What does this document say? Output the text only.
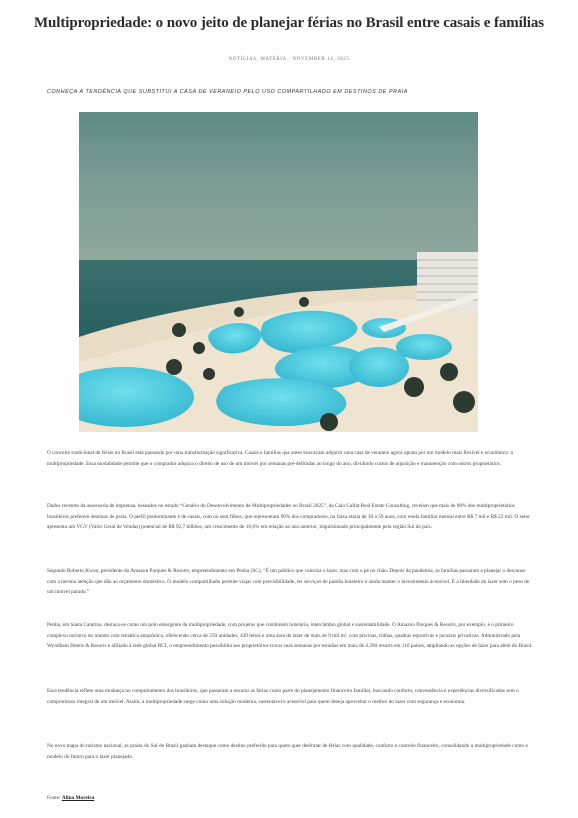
Multipropriedade: o novo jeito de planejar férias no Brasil entre casais e famílias
NOTÍCIAS, MATÉRIA · NOVEMBER 14, 2025
CONHEÇA A TENDÊNCIA QUE SUBSTITUI A CASA DE VERANEIO PELO USO COMPARTILHADO EM DESTINOS DE PRAIA
O conceito tradicional de férias no Brasil está passando por uma transformação significativa. Casais e famílias que antes buscavam adquirir uma casa de veraneio agora optam por um modelo mais flexível e econômico: a multipropriedade. Essa modalidade permite que o comprador adquira o direito de uso de um imóvel por semanas pré-definidas ao longo do ano, dividindo custos de aquisição e manutenção com outros proprietários.
Dados recentes da assessoria de imprensa, baseados no estudo “Cenário do Desenvolvimento de Multipropriedades no Brasil 2025”, da Caio Calfat Real Estate Consulting, revelam que mais de 80% dos multiproprietários brasileiros preferem destinos de praia. O perfil predominante é de casais, com ou sem filhos, que representam 90% dos compradores, na faixa etária de 30 a 59 anos, com renda familiar mensal entre R$ 7 mil e R$ 22 mil. O setor apresenta um VGV (Valor Geral de Vendas) potencial de R$ 92,7 bilhões, um crescimento de 16,6% em relação ao ano anterior, impulsionado principalmente pela região Sul do país.
Segundo Roberto Kwon, presidente do Amazon Parques & Resorts, empreendimento em Penha (SC), “É um público que valoriza o lazer, mas com o pé no chão. Depois da pandemia, as famílias passaram a planejar o descanso com a mesma atenção que dão ao orçamento doméstico. O modelo compartilhado permite viajar com previsibilidade, ter serviços de padrão hoteleiro e ainda manter o investimento acessível. É a liberdade do lazer sem o peso de um imóvel parado.”
Penha, em Santa Catarina, destaca-se como um polo emergente da multipropriedade, com projetos que combinem hotelaria, intercâmbio global e sustentabilidade. O Amazon Parques & Resorts, por exemplo, é o primeiro complexo turístico do mundo com temática amazônica, oferecendo cerca de 250 unidades, 420 leitos e uma área de lazer de mais de 9 mil m², com piscinas, trilhas, quadras esportivas e jacuzzis privativas. Administrado pela Wyndham Hotels & Resorts e afiliado à rede global RCI, o empreendimento possibilita aos proprietários trocar suas semanas por estadias em mais de 4.200 resorts em 110 países, ampliando as opções de lazer para além do Brasil.
Essa tendência reflete uma mudança no comportamento dos brasileiros, que passaram a encarar as férias como parte do planejamento financeiro familiar, buscando conforto, conveniência e experiências diversificadas sem o compromisso integral de um imóvel. Assim, a multipropriedade surge como uma solução moderna, sustentável e acessível para quem deseja aproveitar o melhor do lazer com segurança e economia.
No novo mapa do turismo nacional, as praias do Sul do Brasil ganham destaque como destino preferido para quem quer desfrutar de férias com qualidade, conforto e controle financeiro, consolidando a multipropriedade como o modelo do futuro para o lazer planejado.
Fonte: Alina Moreira
